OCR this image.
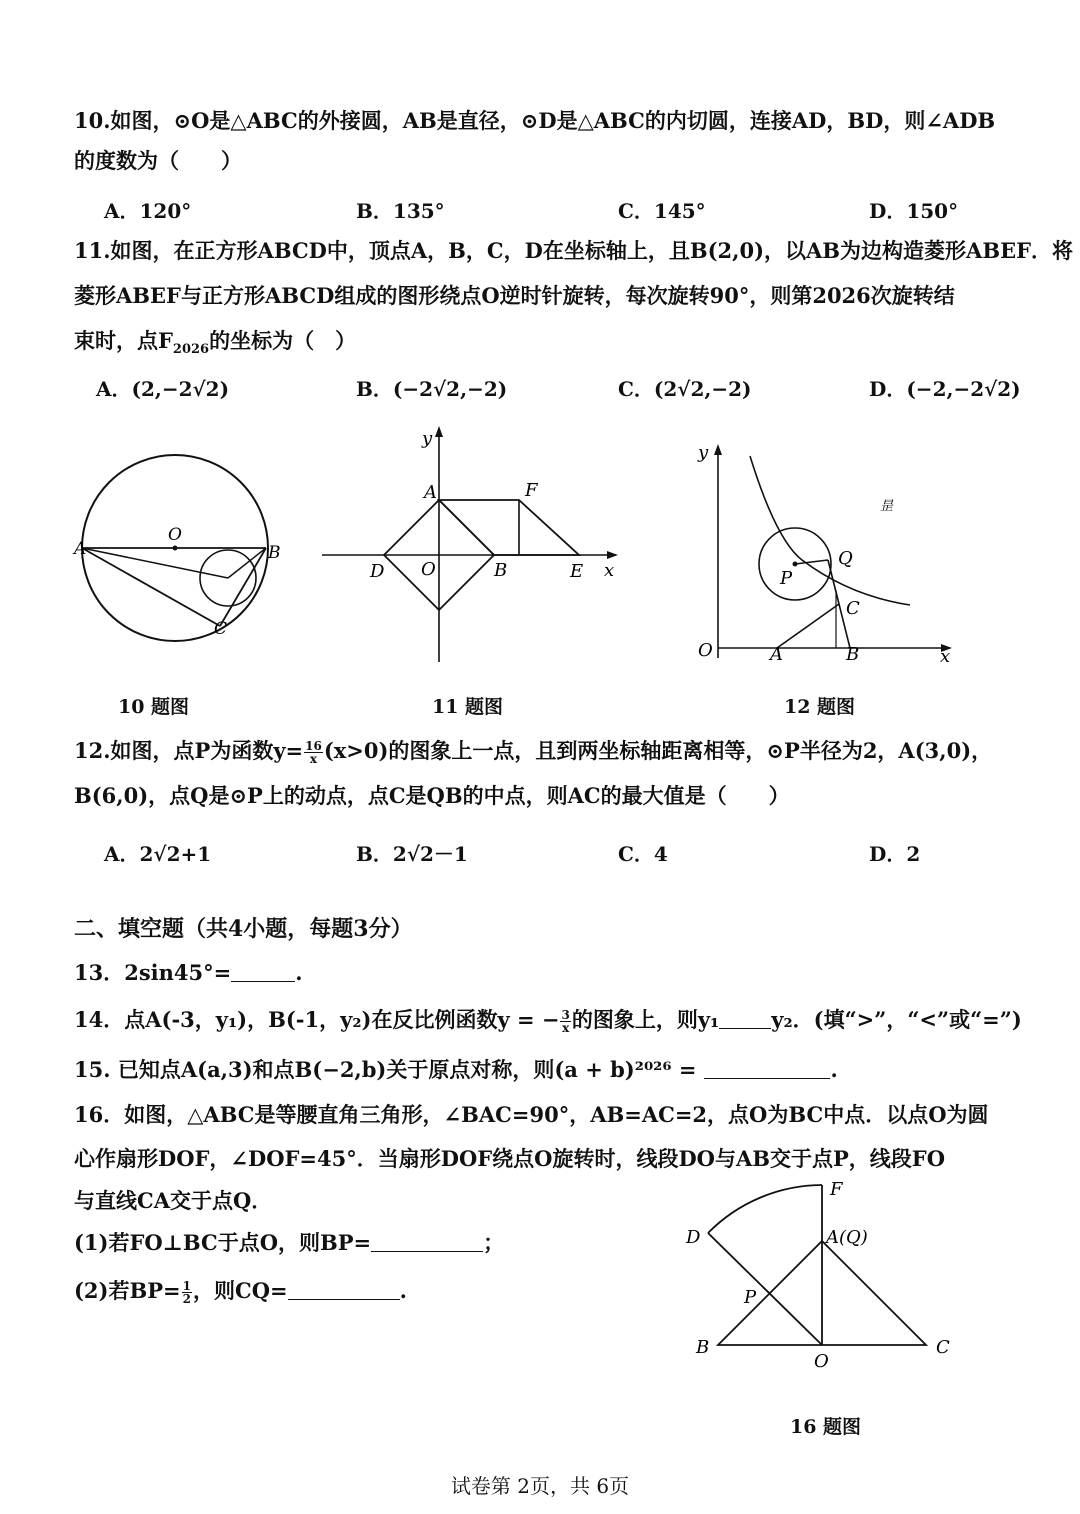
10.如图，⊙O是△ABC的外接圆，AB是直径，⊙D是△ABC的内切圆，连接AD，BD，则∠ADB
的度数为（　　）
A．120°	B．135°	C．145°	D．150°
11.如图，在正方形ABCD中，顶点A，B，C，D在坐标轴上，且B(2,0)，以AB为边构造菱形ABEF．将
菱形ABEF与正方形ABCD组成的图形绕点O逆时针旋转，每次旋转90°，则第2026次旋转结
束时，点$F_{2026}$的坐标为（　）
A．(2,−2√2)	B．(−2√2,−2)	C．(2√2,−2)	D．(−2,−2√2)
A	B
C
O
y
x
A	F
D O	B	E
y
x
O	A	B
P
Q
C
昰
10 题图	11 题图	12 题图
12.如图，点P为函数$y= \frac{16}{x} (x>0)$的图象上一点，且到两坐标轴距离相等，⊙P半径为2，A(3,0)，
B(6,0)，点Q是⊙P上的动点，点C是QB的中点，则AC的最大值是（　　）
A．2√2+1	B．2√2－1	C．4	D．2
二、填空题（共4小题，每题3分）
13．2sin45°=	.
14．点A(-3，y₁)，B(-1，y₂)在反比例函数y = − $\frac{3}{x}$ 的图象上，则y₁ y₂．(填“>”，“<”或“=”)
15. 已知点A(a,3)和点B(−2,b)关于原点对称，则(a + b)²⁰²⁶ =	.
16．如图，△ABC是等腰直角三角形，∠BAC=90°，AB=AC=2，点O为BC中点．以点O为圆
心作扇形DOF，∠DOF=45°．当扇形DOF绕点O旋转时，线段DO与AB交于点P，线段FO
与直线CA交于点Q．
(1)若FO⊥BC于点O，则BP=	；
(2)若$BP= \frac{1}{2}$ ，则CQ=	.
F
D	A(Q)
P
B
O
C
16 题图
试卷第 2页，共 6页
